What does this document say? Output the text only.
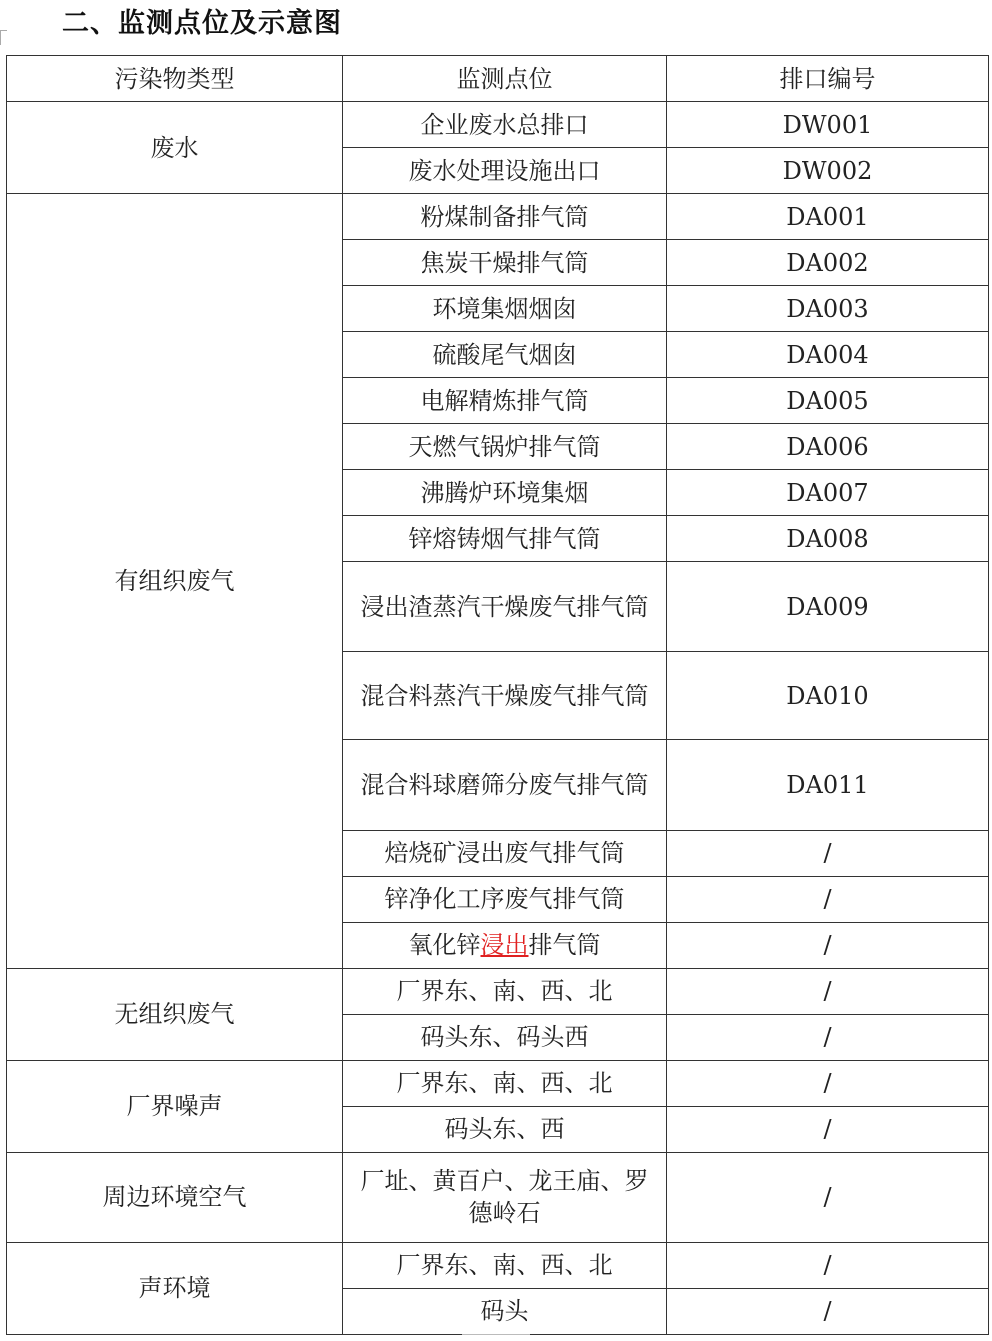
二、监测点位及示意图
污染物类型	监测点位	排口编号
废水	企业废水总排口	DW001
	废水处理设施出口	DW002
有组织废气	粉煤制备排气筒	DA001
	焦炭干燥排气筒	DA002
	环境集烟烟囱	DA003
	硫酸尾气烟囱	DA004
	电解精炼排气筒	DA005
	天燃气锅炉排气筒	DA006
	沸腾炉环境集烟	DA007
	锌熔铸烟气排气筒	DA008
	浸出渣蒸汽干燥废气排气筒	DA009
	混合料蒸汽干燥废气排气筒	DA010
	混合料球磨筛分废气排气筒	DA011
	焙烧矿浸出废气排气筒	/
	锌净化工序废气排气筒	/
	氧化锌浸出排气筒	/
无组织废气	厂界东、南、西、北	/
	码头东、码头西	/
厂界噪声	厂界东、南、西、北	/
	码头东、西	/
周边环境空气	厂址、黄百户、龙王庙、罗德岭石	/
声环境	厂界东、南、西、北	/
	码头	/
